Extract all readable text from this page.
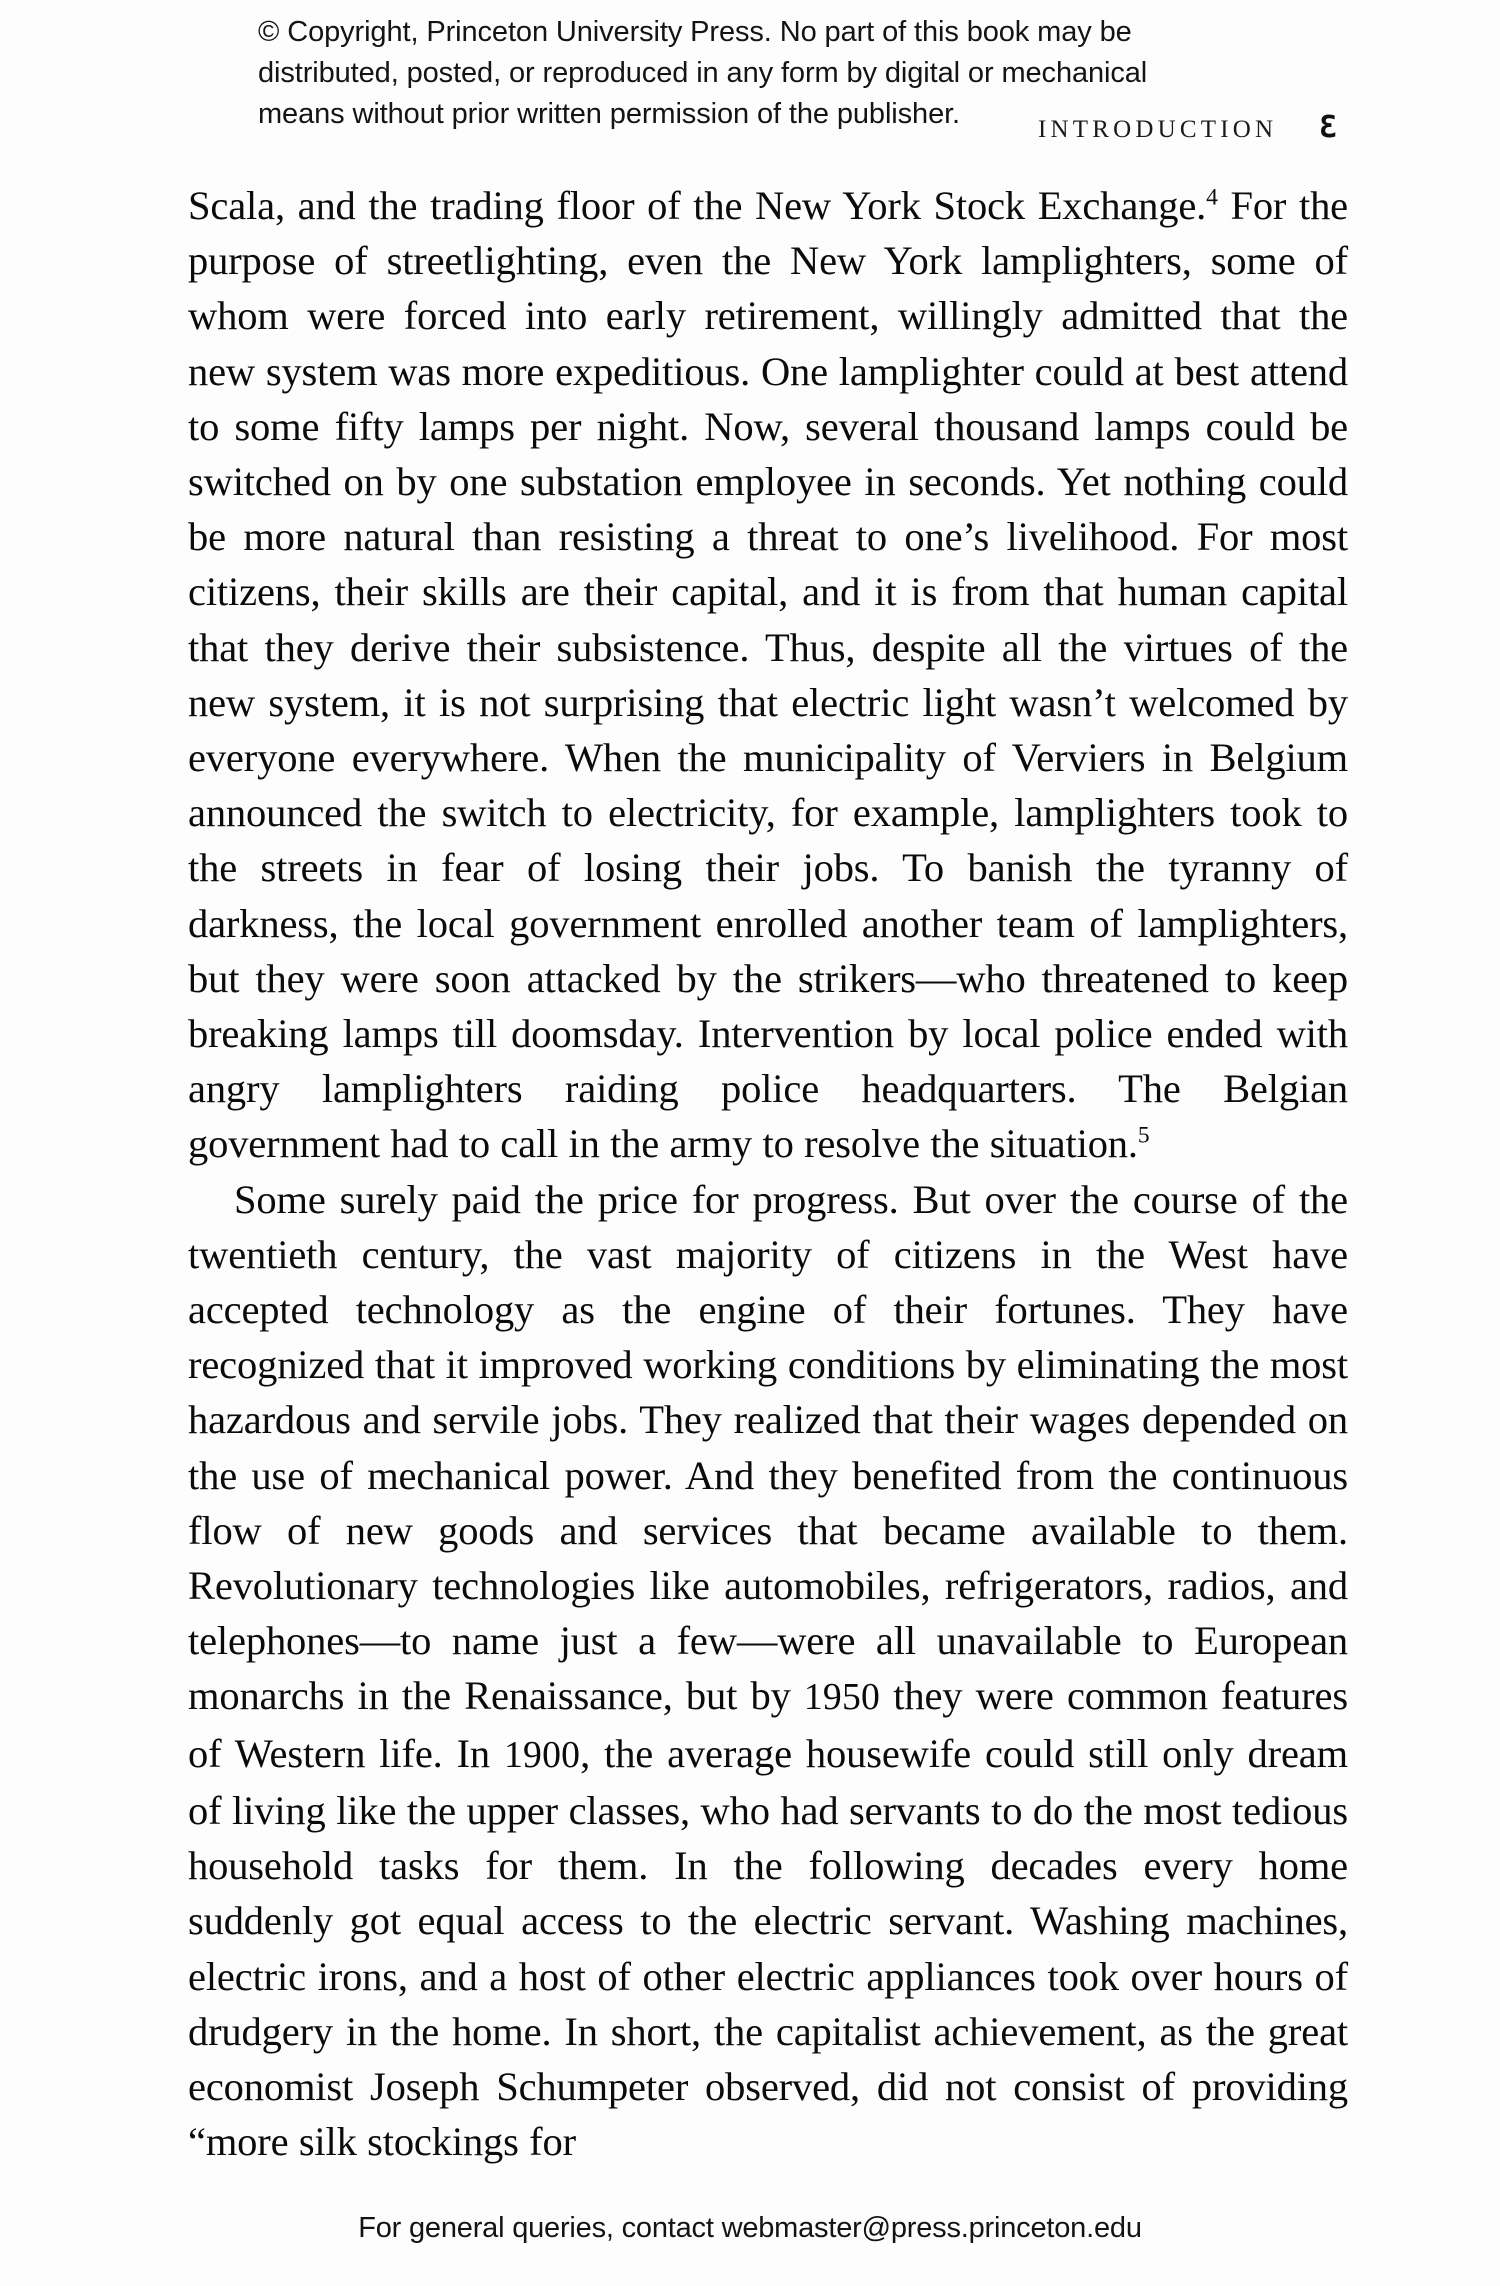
© Copyright, Princeton University Press. No part of this book may be
distributed, posted, or reproduced in any form by digital or mechanical
means without prior written permission of the publisher.	INTRODUCTION 3

Scala, and the trading floor of the New York Stock Exchange.$^4$ For the purpose of streetlighting, even the New York lamplighters, some of whom were forced into early retirement, willingly admitted that the new system was more expeditious. One lamplighter could at best attend to some fifty lamps per night. Now, several thousand lamps could be switched on by one substation employee in seconds. Yet nothing could be more natural than resisting a threat to one’s livelihood. For most citizens, their skills are their capital, and it is from that human capital that they derive their subsistence. Thus, despite all the virtues of the new system, it is not surprising that electric light wasn’t welcomed by everyone everywhere. When the municipality of Verviers in Belgium announced the switch to electricity, for example, lamplighters took to the streets in fear of losing their jobs. To banish the tyranny of darkness, the local government enrolled another team of lamplighters, but they were soon attacked by the strikers—who threatened to keep breaking lamps till doomsday. Intervention by local police ended with angry lamplighters raiding police headquarters. The Belgian government had to call in the army to resolve the situation.$^5$

Some surely paid the price for progress. But over the course of the twentieth century, the vast majority of citizens in the West have accepted technology as the engine of their fortunes. They have recognized that it improved working conditions by eliminating the most hazardous and servile jobs. They realized that their wages depended on the use of mechanical power. And they benefited from the continuous flow of new goods and services that became available to them. Revolutionary technologies like automobiles, refrigerators, radios, and telephones—to name just a few—were all unavailable to European monarchs in the Renaissance, but by 1950 they were common features of Western life. In 1900, the average housewife could still only dream of living like the upper classes, who had servants to do the most tedious household tasks for them. In the following decades every home suddenly got equal access to the electric servant. Washing machines, electric irons, and a host of other electric appliances took over hours of drudgery in the home. In short, the capitalist achievement, as the great economist Joseph Schumpeter observed, did not consist of providing “more silk stockings for

For general queries, contact webmaster@press.princeton.edu
